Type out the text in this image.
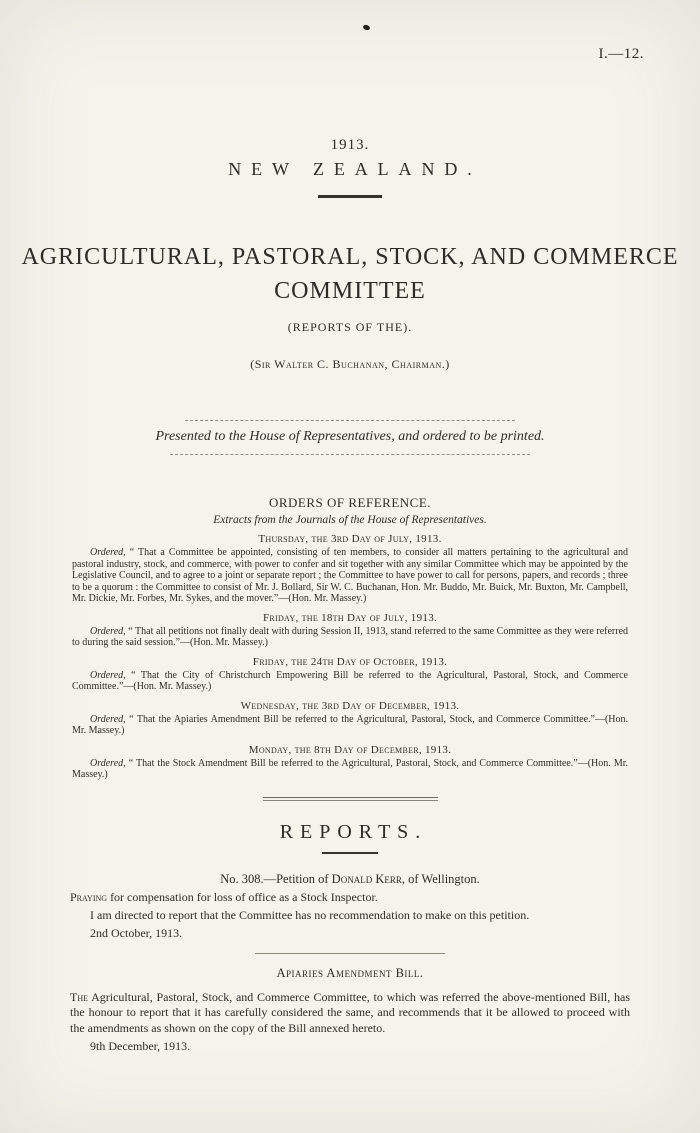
I.—12.
1913.
NEW ZEALAND.
AGRICULTURAL, PASTORAL, STOCK, AND COMMERCE
COMMITTEE
(REPORTS OF THE).
(Sir Walter C. Buchanan, Chairman.)
Presented to the House of Representatives, and ordered to be printed.
ORDERS OF REFERENCE.
Extracts from the Journals of the House of Representatives.
Thursday, the 3rd Day of July, 1913.

Ordered, “ That a Committee be appointed, consisting of ten members, to consider all matters pertaining to the agricultural and pastoral industry, stock, and commerce, with power to confer and sit together with any similar Committee which may be appointed by the Legislative Council, and to agree to a joint or separate report ; the Committee to have power to call for persons, papers, and records ; three to be a quorum : the Committee to consist of Mr. J. Bollard, Sir W. C. Buchanan, Hon. Mr. Buddo, Mr. Buick, Mr. Buxton, Mr. Campbell, Mr. Dickie, Mr. Forbes, Mr. Sykes, and the mover.”—(Hon. Mr. Massey.)

Friday, the 18th Day of July, 1913.

Ordered, “ That all petitions not finally dealt with during Session II, 1913, stand referred to the same Committee as they were referred to during the said session.”—(Hon. Mr. Massey.)

Friday, the 24th Day of October, 1913.

Ordered, “ That the City of Christchurch Empowering Bill be referred to the Agricultural, Pastoral, Stock, and Commerce Committee.”—(Hon. Mr. Massey.)

Wednesday, the 3rd Day of December, 1913.

Ordered, “ That the Apiaries Amendment Bill be referred to the Agricultural, Pastoral, Stock, and Commerce Committee.”—(Hon. Mr. Massey.)

Monday, the 8th Day of December, 1913.

Ordered, “ That the Stock Amendment Bill be referred to the Agricultural, Pastoral, Stock, and Commerce Committee.”—(Hon. Mr. Massey.)

REPORTS.

No. 308.—Petition of Donald Kerr, of Wellington.

Praying for compensation for loss of office as a Stock Inspector.

I am directed to report that the Committee has no recommendation to make on this petition.

2nd October, 1913.

Apiaries Amendment Bill.

The Agricultural, Pastoral, Stock, and Commerce Committee, to which was referred the above-mentioned Bill, has the honour to report that it has carefully considered the same, and recommends that it be allowed to proceed with the amendments as shown on the copy of the Bill annexed hereto.

9th December, 1913.
